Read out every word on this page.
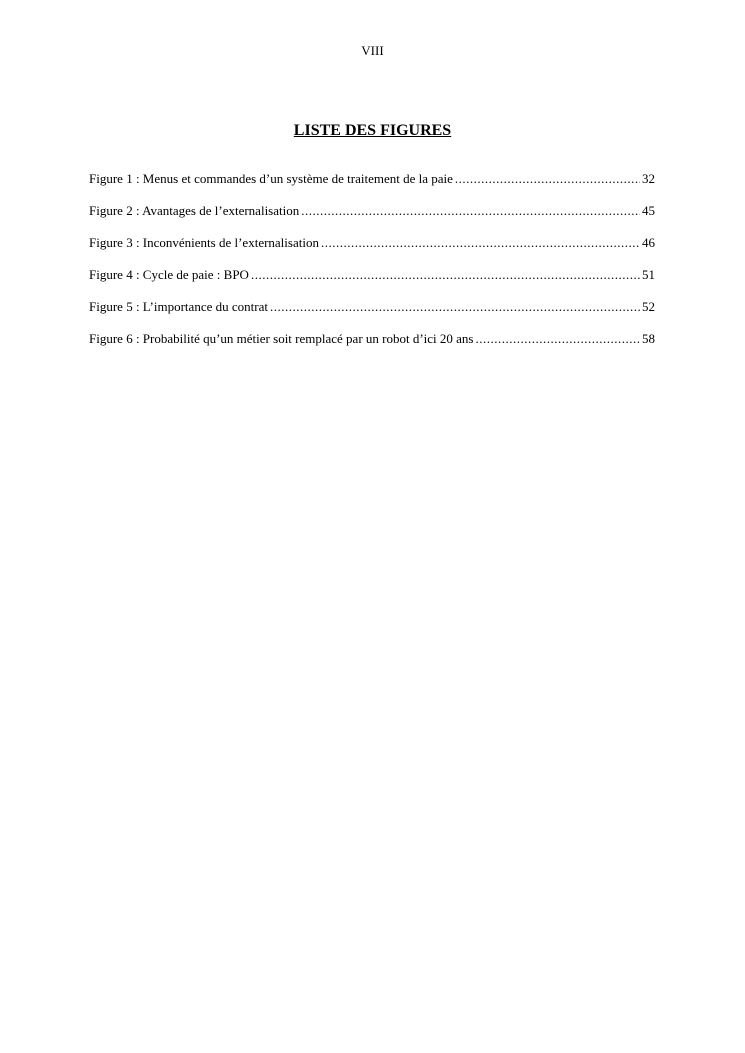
VIII
LISTE DES FIGURES
Figure 1 : Menus et commandes d’un système de traitement de la paie .....	32
Figure 2 : Avantages de l’externalisation .....	45
Figure 3 : Inconvénients de l’externalisation .....	46
Figure 4 : Cycle de paie : BPO .....	51
Figure 5 : L’importance du contrat .....	52
Figure 6 : Probabilité qu’un métier soit remplacé par un robot d’ici 20 ans .....	58
